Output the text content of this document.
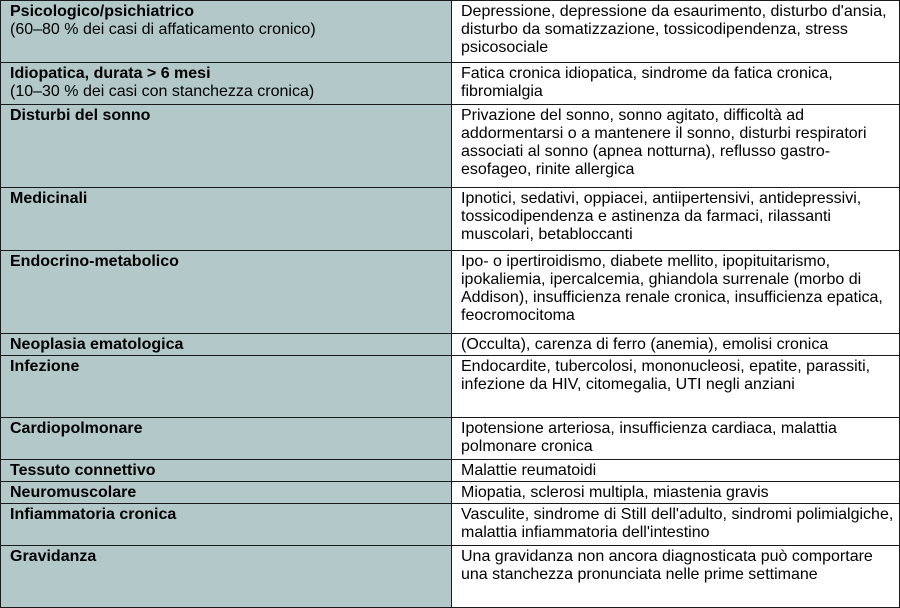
Psicologico/psichiatrico
(60–80 % dei casi di affaticamento cronico)	Depressione, depressione da esaurimento, disturbo d'ansia, disturbo da somatizzazione, tossicodipendenza, stress psicosociale

Idiopatica, durata > 6 mesi
(10–30 % dei casi con stanchezza cronica)	Fatica cronica idiopatica, sindrome da fatica cronica, fibromialgia

Disturbi del sonno	Privazione del sonno, sonno agitato, difficoltà ad addormentarsi o a mantenere il sonno, disturbi respiratori associati al sonno (apnea notturna), reflusso gastro-esofageo, rinite allergica

Medicinali	Ipnotici, sedativi, oppiacei, antiipertensivi, antidepressivi, tossicodipendenza e astinenza da farmaci, rilassanti muscolari, betabloccanti

Endocrino-metabolico	Ipo- o ipertiroidismo, diabete mellito, ipopituitarismo, ipokaliemia, ipercalcemia, ghiandola surrenale (morbo di Addison), insufficienza renale cronica, insufficienza epatica, feocromocitoma

Neoplasia ematologica	(Occulta), carenza di ferro (anemia), emolisi cronica

Infezione	Endocardite, tubercolosi, mononucleosi, epatite, parassiti, infezione da HIV, citomegalia, UTI negli anziani

Cardiopolmonare	Ipotensione arteriosa, insufficienza cardiaca, malattia polmonare cronica

Tessuto connettivo	Malattie reumatoidi

Neuromuscolare	Miopatia, sclerosi multipla, miastenia gravis

Infiammatoria cronica	Vasculite, sindrome di Still dell'adulto, sindromi polimialgiche, malattia infiammatoria dell'intestino

Gravidanza	Una gravidanza non ancora diagnosticata può comportare una stanchezza pronunciata nelle prime settimane
